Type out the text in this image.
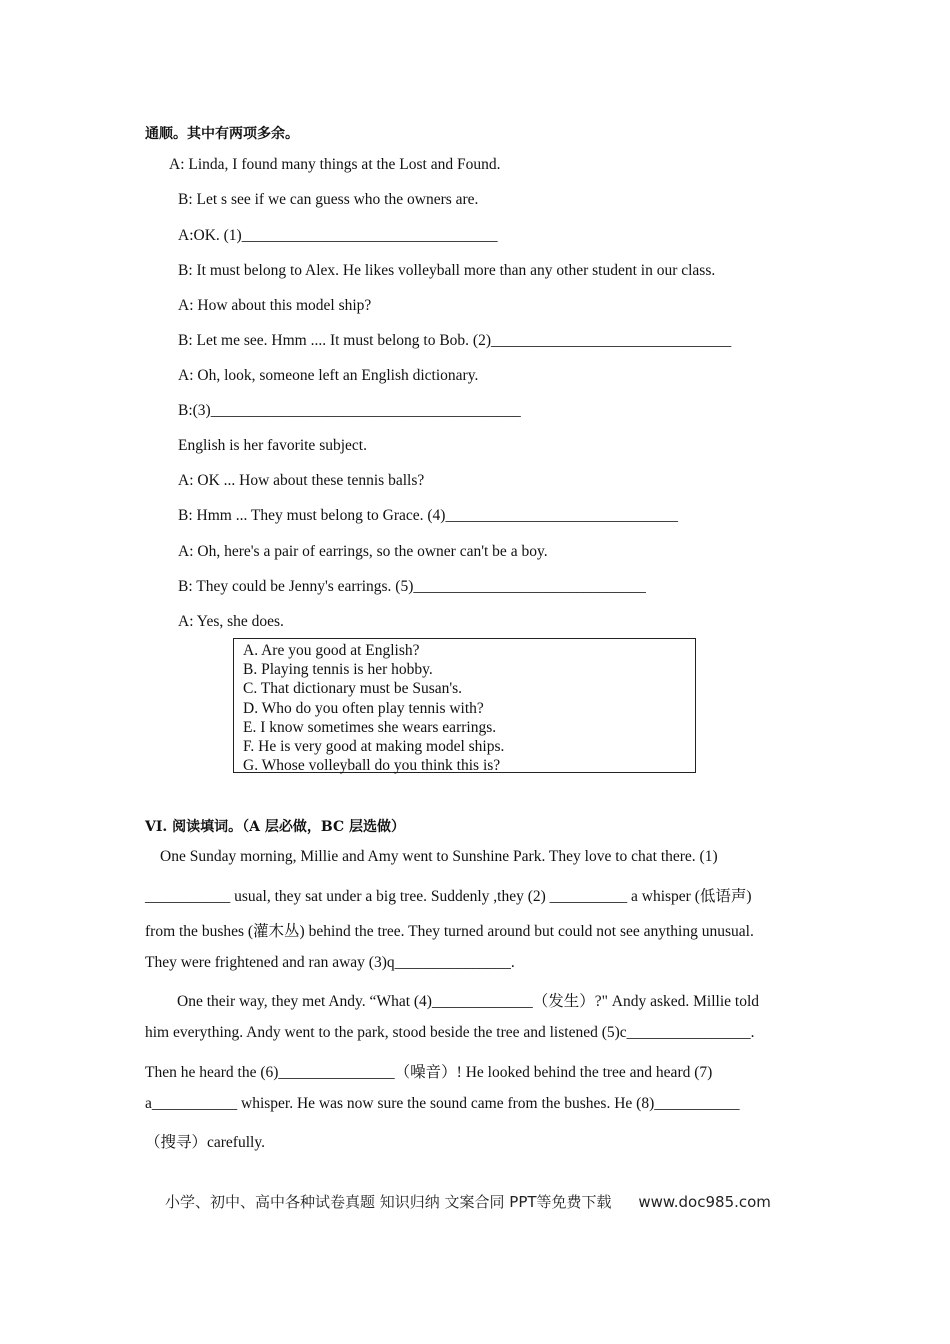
通顺。其中有两项多余。
A: Linda, I found many things at the Lost and Found.
B: Let s see if we can guess who the owners are.
A:OK. (1)_________________________________
B: It must belong to Alex. He likes volleyball more than any other student in our class.
A: How about this model ship?
B: Let me see. Hmm .... It must belong to Bob. (2)_______________________________
A: Oh, look, someone left an English dictionary.
B:(3)________________________________________
English is her favorite subject.
A: OK ... How about these tennis balls?
B: Hmm ... They must belong to Grace. (4)______________________________
A: Oh, here's a pair of earrings, so the owner can't be a boy.
B: They could be Jenny's earrings. (5)______________________________
A: Yes, she does.
A. Are you good at English?
B. Playing tennis is her hobby.
C. That dictionary must be Susan's.
D. Who do you often play tennis with?
E. I know sometimes she wears earrings.
F. He is very good at making model ships.
G. Whose volleyball do you think this is?
VI. 阅读填词。（A 层必做，BC 层选做）
One Sunday morning, Millie and Amy went to Sunshine Park. They love to chat there. (1)
___________ usual, they sat under a big tree. Suddenly ,they (2) __________ a whisper (低语声)
from the bushes (灌木丛) behind the tree. They turned around but could not see anything unusual.
They were frightened and ran away (3)q_______________.
One their way, they met Andy. “What (4)_____________（发生）?" Andy asked. Millie told
him everything. Andy went to the park, stood beside the tree and listened (5)c________________.
Then he heard the (6)_______________（噪音）! He looked behind the tree and heard (7)
a___________ whisper. He was now sure the sound came from the bushes. He (8)___________
（搜寻）carefully.
小学、初中、高中各种试卷真题 知识归纳 文案合同 PPT等免费下载 www.doc985.com
